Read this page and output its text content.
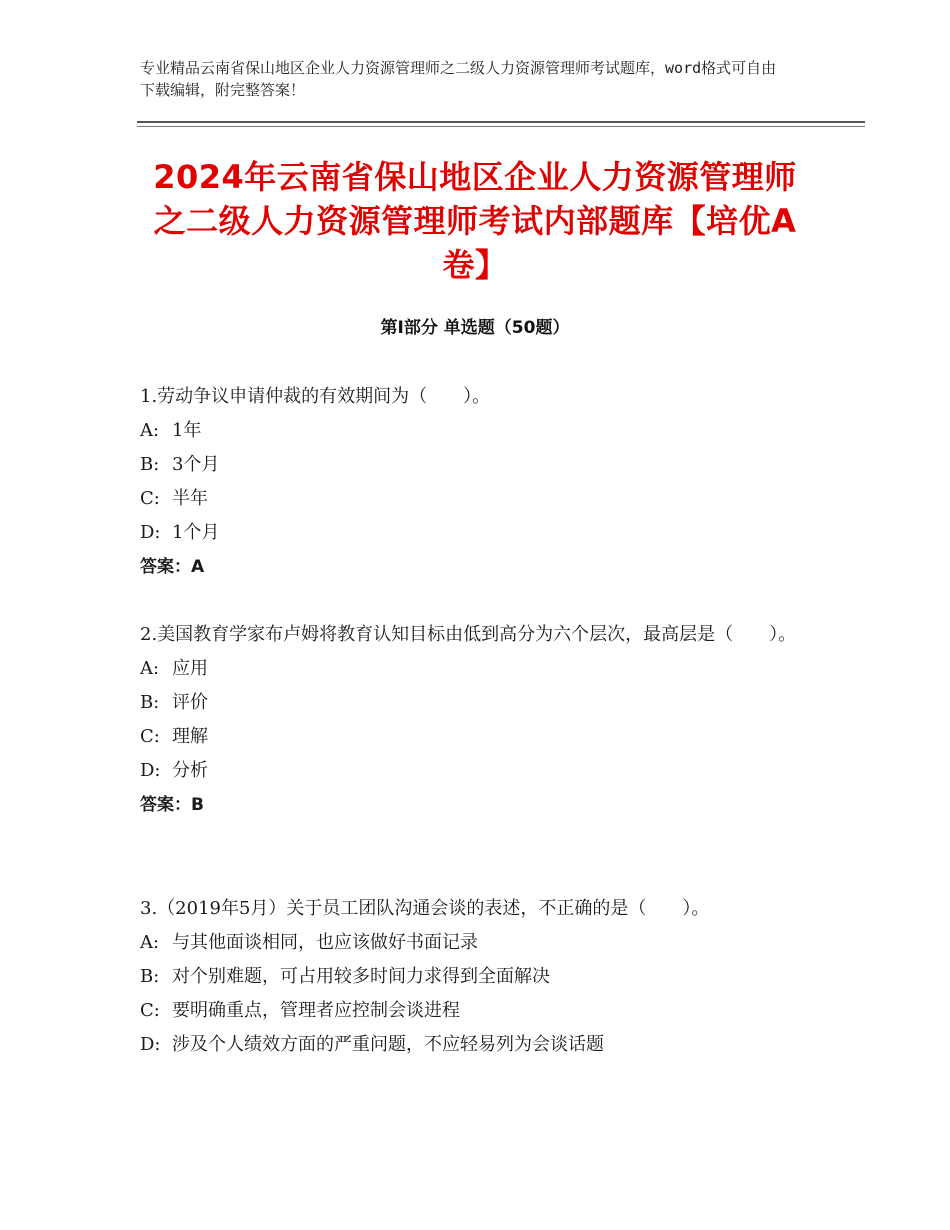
专业精品云南省保山地区企业人力资源管理师之二级人力资源管理师考试题库，word格式可自由下载编辑，附完整答案！
2024年云南省保山地区企业人力资源管理师之二级人力资源管理师考试内部题库【培优A卷】
第Ⅰ部分 单选题（50题）

1.劳动争议申请仲裁的有效期间为（　　）。

A: 1年

B: 3个月

C: 半年

D: 1个月

答案：A

2.美国教育学家布卢姆将教育认知目标由低到高分为六个层次，最高层是（　　）。

A: 应用

B: 评价

C: 理解

D: 分析

答案：B

3.（2019年5月）关于员工团队沟通会谈的表述，不正确的是（　　）。

A: 与其他面谈相同，也应该做好书面记录

B: 对个别难题，可占用较多时间力求得到全面解决

C: 要明确重点，管理者应控制会谈进程

D: 涉及个人绩效方面的严重问题，不应轻易列为会谈话题
